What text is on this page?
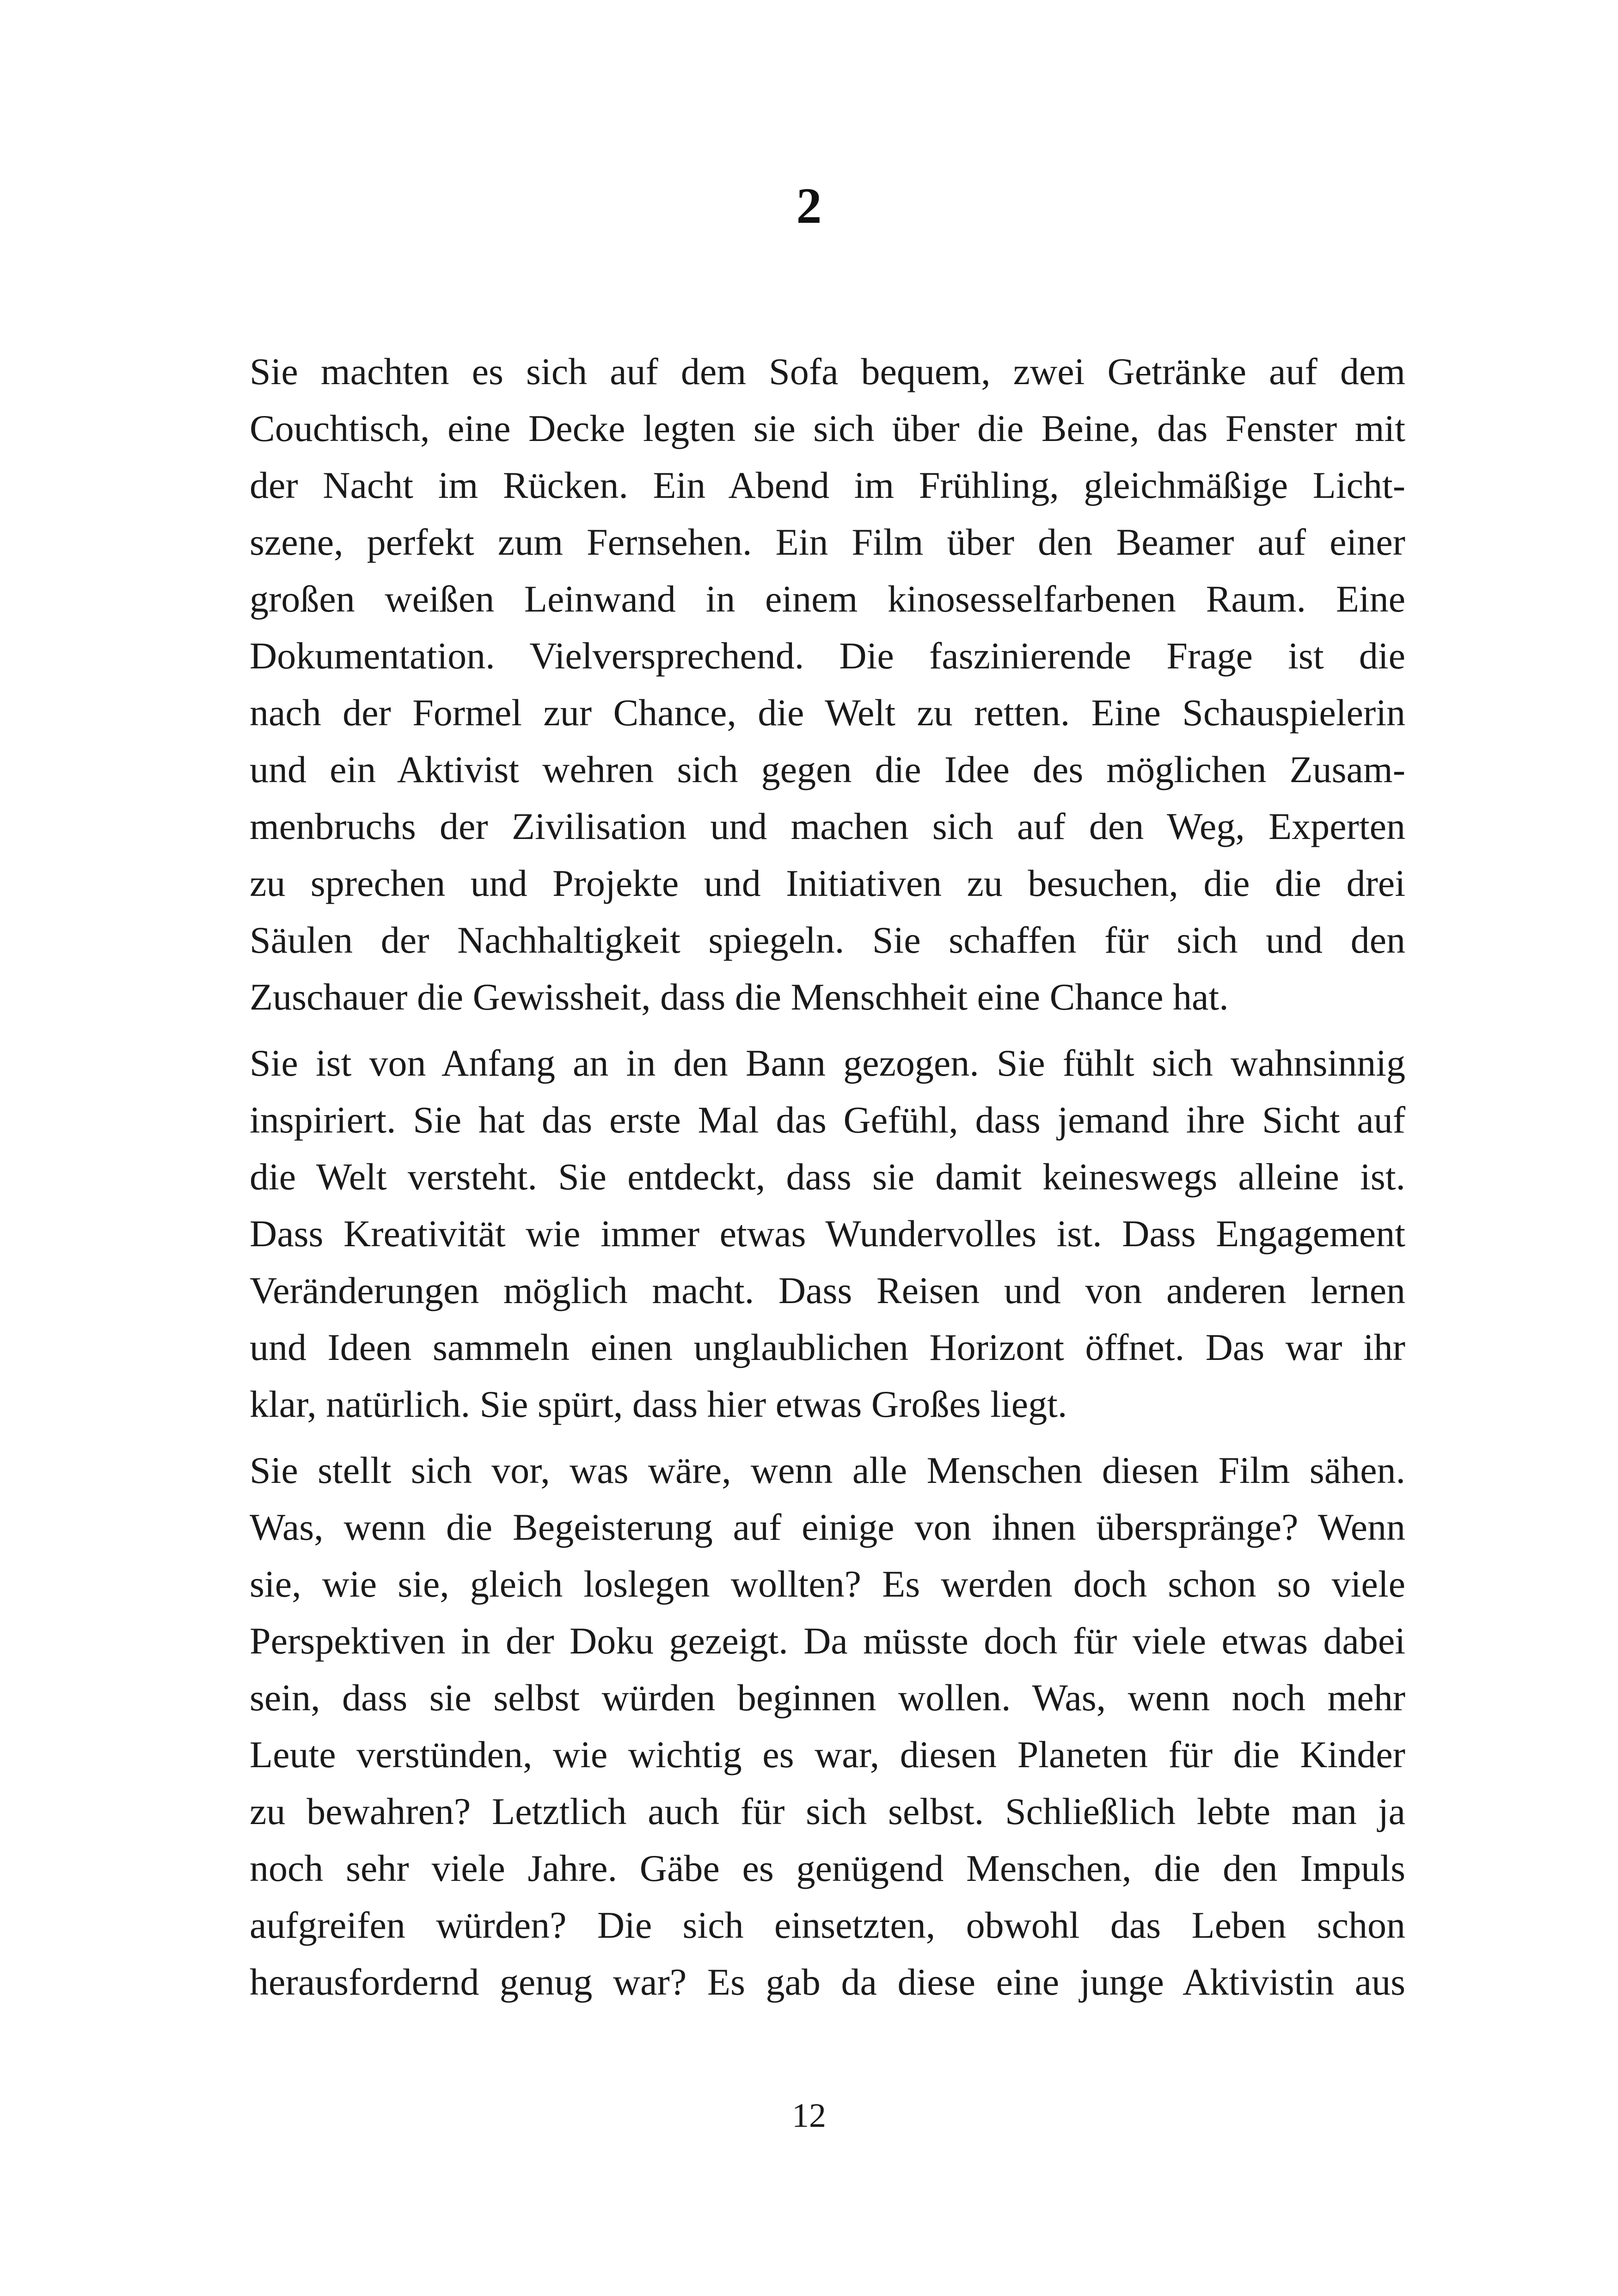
2
Sie machten es sich auf dem Sofa bequem, zwei Getränke auf dem
Couchtisch, eine Decke legten sie sich über die Beine, das Fenster mit
der Nacht im Rücken. Ein Abend im Frühling, gleichmäßige Licht-
szene, perfekt zum Fernsehen. Ein Film über den Beamer auf einer
großen weißen Leinwand in einem kinosesselfarbenen Raum. Eine
Dokumentation. Vielversprechend. Die faszinierende Frage ist die
nach der Formel zur Chance, die Welt zu retten. Eine Schauspielerin
und ein Aktivist wehren sich gegen die Idee des möglichen Zusam-
menbruchs der Zivilisation und machen sich auf den Weg, Experten
zu sprechen und Projekte und Initiativen zu besuchen, die die drei
Säulen der Nachhaltigkeit spiegeln. Sie schaffen für sich und den
Zuschauer die Gewissheit, dass die Menschheit eine Chance hat.
Sie ist von Anfang an in den Bann gezogen. Sie fühlt sich wahnsinnig
inspiriert. Sie hat das erste Mal das Gefühl, dass jemand ihre Sicht auf
die Welt versteht. Sie entdeckt, dass sie damit keineswegs alleine ist.
Dass Kreativität wie immer etwas Wundervolles ist. Dass Engagement
Veränderungen möglich macht. Dass Reisen und von anderen lernen
und Ideen sammeln einen unglaublichen Horizont öffnet. Das war ihr
klar, natürlich. Sie spürt, dass hier etwas Großes liegt.
Sie stellt sich vor, was wäre, wenn alle Menschen diesen Film sähen.
Was, wenn die Begeisterung auf einige von ihnen überspränge? Wenn
sie, wie sie, gleich loslegen wollten? Es werden doch schon so viele
Perspektiven in der Doku gezeigt. Da müsste doch für viele etwas dabei
sein, dass sie selbst würden beginnen wollen. Was, wenn noch mehr
Leute verstünden, wie wichtig es war, diesen Planeten für die Kinder
zu bewahren? Letztlich auch für sich selbst. Schließlich lebte man ja
noch sehr viele Jahre. Gäbe es genügend Menschen, die den Impuls
aufgreifen würden? Die sich einsetzten, obwohl das Leben schon
herausfordernd genug war? Es gab da diese eine junge Aktivistin aus
12
